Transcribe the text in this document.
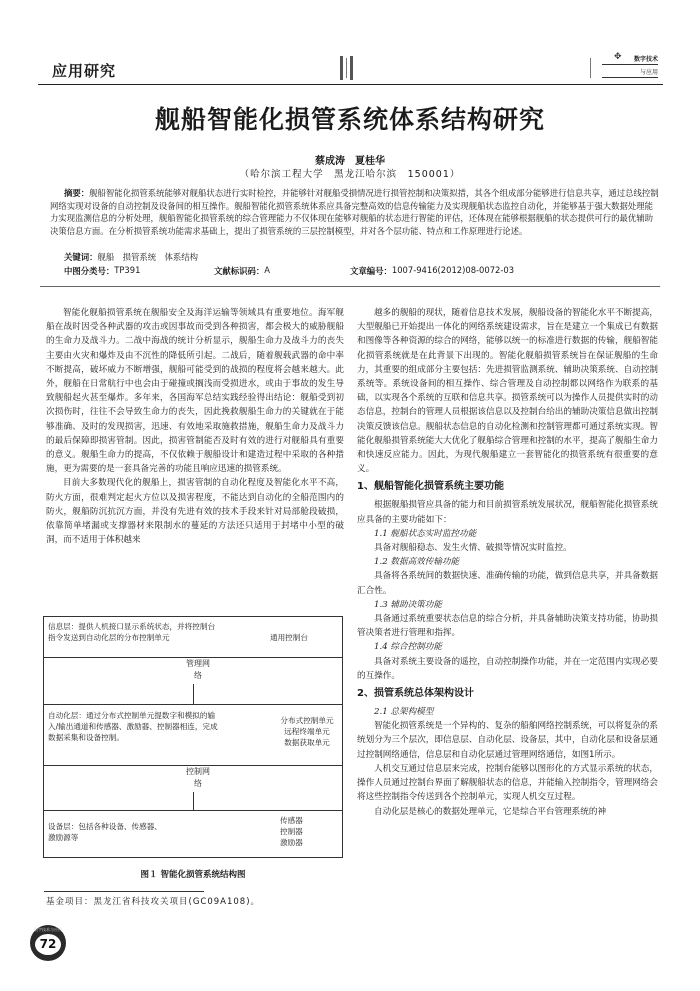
应用研究
✥	数字技术
与应用
舰船智能化损管系统体系结构研究
蔡成涛　夏桂华
（哈尔滨工程大学　黑龙江哈尔滨　150001）
摘要：舰船智能化损管系统能够对舰船状态进行实时检控，并能够针对舰船受損情况进行损管控制和决策拟措，其各个组成部分能够进行信息共享，通过总线控制网络实现对设备的自动控制及设备间的相互操作。舰船智能化损管系统体系应具备完整高效的信息传输能力及实现舰船状态监控自动化，并能够基于强大数据处理能力实现监测信息的分析处理，舰船智能化损管系统的综合管理能力不仅体现在能够对舰船的状态进行智能的评估，还体现在能够根据舰船的状态提供可行的最优辅助决策信息方面。在分析损管系统功能需求基础上，提出了损管系统的三层控制模型，并对各个层功能、特点和工作原理进行论述。
关键词：舰船　损管系统　体系结构
中图分类号： TP391	文献标识码： A	文章编号： 1007-9416(2012)08-0072-03

智能化舰船损管系统在舰船安全及海洋运输等领域具有重要地位。海军舰船在战时因受各种武器的攻击或因事故而受到各种损害，都会极大的威胁舰船的生命力及战斗力。二战中海战的统计分析显示，舰船生命力及战斗力的丧失主要由火灾和爆炸及由不沉性的降低所引起。二战后，随着舰载武器的命中率不断提高，破坏威力不断增强，舰船可能受到的战损的程度将会越来越大。此外，舰船在日常航行中也会由于碰撞或搁浅而受损进水，或由于事故的发生导致舰船起火甚至爆炸。多年来，各国海军总结实践经验得出结论：舰船受到初次损伤时，往往不会导致生命力的丧失，因此挽救舰船生命力的关键就在于能够准确、及时的发现损害，迅速、有效地采取施救措施，舰船生命力及战斗力的最后保障即损害管制。因此，损害管制能否及时有效的进行对舰船具有重要的意义。舰船生命力的提高，不仅依赖于舰船设计和建造过程中采取的各种措施，更为需要的是一套具备完善的功能且响应迅速的损管系统。

目前大多数现代化的舰船上，损害管制的自动化程度及智能化水平不高，防火方面，很难判定起火方位以及损害程度，不能达到自动化的全船范围内的防火，舰船防沉抗沉方面，并没有先进有效的技术手段来针对局部舱段破损，依靠简单堵漏或支撑器材来限制水的蔓延的方法还只适用于封堵中小型的破洞，而不适用于体积越来

信息层：提供人机接口显示系统状态，并将控制台指令发送到自动化层的分布控制单元	通用控制台
管理网络
自动化层：通过分布式控制单元提数字和模拟的输入/输出通道和传感器、激励器、控制器相连，完成数据采集和设备控制。
分布式控制单元
远程终端单元
数据获取单元
控制网络
设备层：包括各种设备、传感器、激励源等
传感器
控制器
激励器
图１ 智能化损管系统结构图
基金项目：黑龙江省科技攻关项目(GC09A108)。
数字技术与应用
72

越多的舰船的现状，随着信息技术发展，舰船设备的智能化水平不断提高，大型舰船已开始提出一体化的网络系统建设需求，旨在是建立一个集成已有数据和图像等各种资源的综合的网络，能够以统一的标准进行数据的传输，舰船智能化损管系统就是在此背景下出现的。智能化舰船损管系统旨在保证舰船的生命力，其重要的组成部分主要包括：先进损管监测系统、辅助决策系统、自动控制系统等。系统设备间的相互操作、综合管理及自动控制都以网络作为联系的基础，以实现各个系统的互联和信息共享。损管系统可以为操作人员提供实时的动态信息，控制台的管理人员根据该信息以及控制台给出的辅助决策信息做出控制决策反馈该信息。舰船状态信息的自动化检测和控制管理都可通过系统实现。智能化舰船损管系统能大大优化了舰船综合管理和控制的水平，提高了舰船生命力和快速反应能力。因此，为现代舰船建立一套智能化的损管系统有很重要的意义。

1、舰船智能化损管系统主要功能

根据舰船损管应具备的能力和目前损管系统发展状况，舰船智能化损管系统应具备的主要功能如下：

1.1 舰船状态实时监控功能

具备对舰船稳态、发生火情、破损等情况实时监控。

1.2 数据高效传输功能

具备将各系统间的数据快速、准确传输的功能，做到信息共享，并具备数据汇合性。

1.3 辅助决策功能

具备通过系统重要状态信息的综合分析，并具备辅助决策支持功能，协助损管决策者进行管理和指挥。

1.4 综合控制功能

具备对系统主要设备的遥控，自动控制操作功能，并在一定范围内实现必要的互操作。

2、损管系统总体架构设计
2.1 总架构模型

智能化损管系统是一个异构的、复杂的船舶网络控制系统，可以将复杂的系统划分为三个层次，即信息层、自动化层、设备层，其中，自动化层和设备层通过控制网络通信，信息层和自动化层通过管理网络通信，如图1所示。

人机交互通过信息层来完成，控制台能够以图形化的方式显示系统的状态，操作人员通过控制台界面了解舰船状态的信息，并能输入控制指令，管理网络会将这些控制指令传送到各个控制单元，实现人机交互过程。

自动化层是核心的数据处理单元，它是综合平台管理系统的神
